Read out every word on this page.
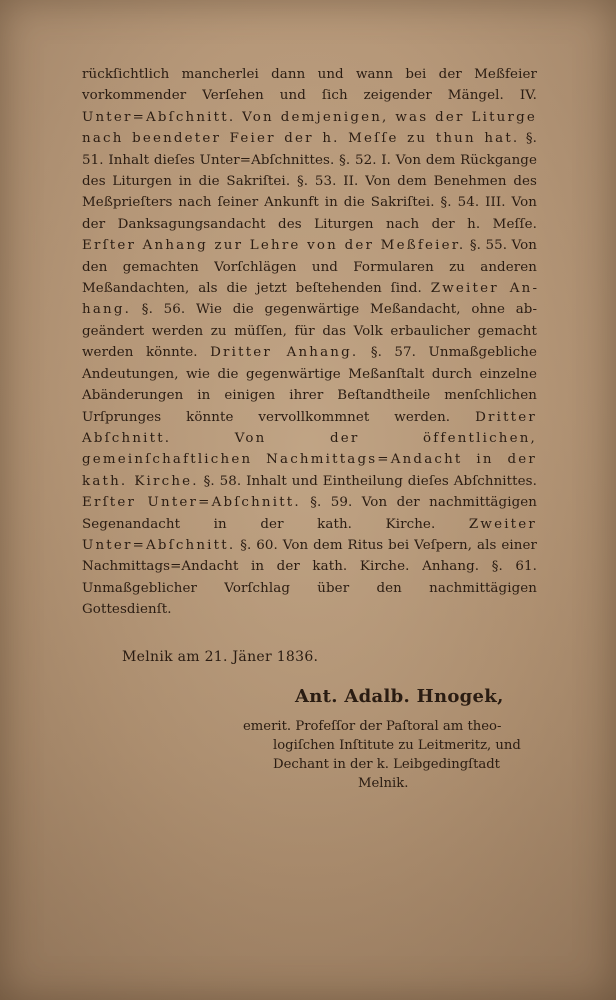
rückſichtlich mancherlei dann und wann bei der Meßfeier vorkommender Verſehen und ſich zeigender Mängel. IV. Unter=Abſchnitt. Von demjenigen, was der Liturge nach beendeter Feier der h. Meſſe zu thun hat. §. 51. Inhalt dieſes Unter=Abſchnittes. §. 52. I. Von dem Rückgange des Liturgen in die Sakriſtei. §. 53. II. Von dem Benehmen des Meßprieſters nach ſeiner Ankunft in die Sakriſtei. §. 54. III. Von der Danksagungsandacht des Liturgen nach der h. Meſſe. Erſter Anhang zur Lehre von der Meßfeier. §. 55. Von den gemachten Vorſchlägen und Formularen zu anderen Meßandachten, als die jetzt beſtehenden ſind. Zweiter Anhang. §. 56. Wie die gegenwärtige Meßandacht, ohne abgeändert werden zu müſſen, für das Volk erbaulicher gemacht werden könnte. Dritter Anhang. §. 57. Unmaßgebliche Andeutungen, wie die gegenwärtige Meßanſtalt durch einzelne Abänderungen in einigen ihrer Beſtandtheile menſchlichen Urſprunges könnte vervollkommnet werden. Dritter Abſchnitt. Von der öffentlichen, gemeinſchaftlichen Nachmittags=Andacht in der kath. Kirche. §. 58. Inhalt und Eintheilung dieſes Abſchnittes. Erſter Unter=Abſchnitt. §. 59. Von der nachmittägigen Segenandacht in der kath. Kirche. Zweiter Unter=Abſchnitt. §. 60. Von dem Ritus bei Veſpern, als einer Nachmittags=Andacht in der kath. Kirche. Anhang. §. 61. Unmaßgeblicher Vorſchlag über den nachmittägigen Gottesdienſt.

Melnik am 21. Jäner 1836.
Ant. Adalb. Hnogek,
emerit. Profeſſor der Paſtoral am theo-
logiſchen Inſtitute zu Leitmeritz, und
Dechant in der k. Leibgedingſtadt
Melnik.
